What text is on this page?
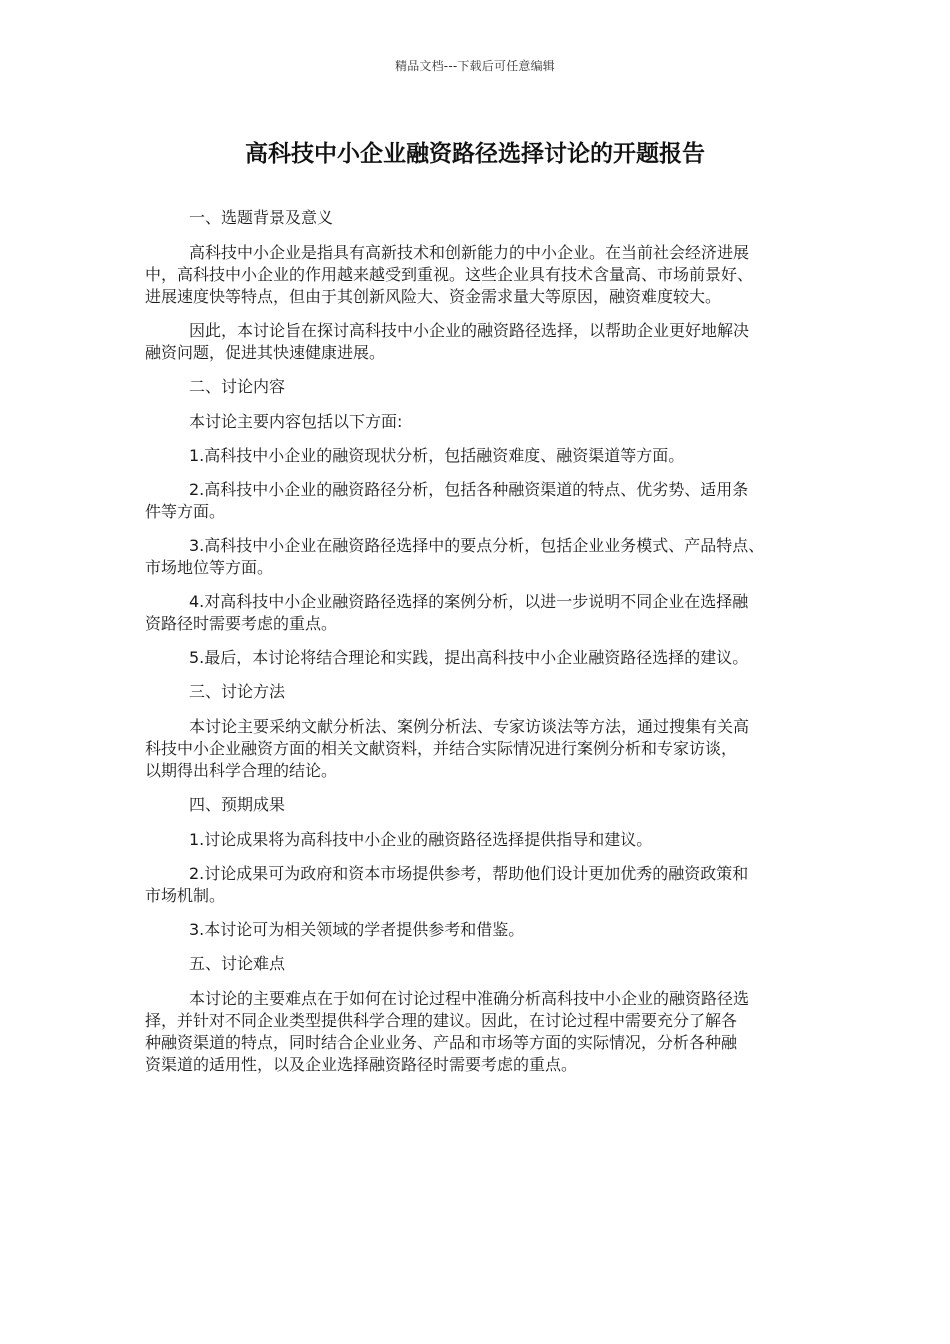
精品文档---下载后可任意编辑
高科技中小企业融资路径选择讨论的开题报告

一、选题背景及意义

高科技中小企业是指具有高新技术和创新能力的中小企业。在当前社会经济进展
中，高科技中小企业的作用越来越受到重视。这些企业具有技术含量高、市场前景好、
进展速度快等特点，但由于其创新风险大、资金需求量大等原因，融资难度较大。

因此，本讨论旨在探讨高科技中小企业的融资路径选择，以帮助企业更好地解决
融资问题，促进其快速健康进展。

二、讨论内容

本讨论主要内容包括以下方面:

1.高科技中小企业的融资现状分析，包括融资难度、融资渠道等方面。

2.高科技中小企业的融资路径分析，包括各种融资渠道的特点、优劣势、适用条
件等方面。

3.高科技中小企业在融资路径选择中的要点分析，包括企业业务模式、产品特点、
市场地位等方面。

4.对高科技中小企业融资路径选择的案例分析，以进一步说明不同企业在选择融
资路径时需要考虑的重点。

5.最后，本讨论将结合理论和实践，提出高科技中小企业融资路径选择的建议。

三、讨论方法

本讨论主要采纳文献分析法、案例分析法、专家访谈法等方法，通过搜集有关高
科技中小企业融资方面的相关文献资料，并结合实际情况进行案例分析和专家访谈，
以期得出科学合理的结论。

四、预期成果

1.讨论成果将为高科技中小企业的融资路径选择提供指导和建议。

2.讨论成果可为政府和资本市场提供参考，帮助他们设计更加优秀的融资政策和
市场机制。

3.本讨论可为相关领域的学者提供参考和借鉴。

五、讨论难点

本讨论的主要难点在于如何在讨论过程中准确分析高科技中小企业的融资路径选
择，并针对不同企业类型提供科学合理的建议。因此，在讨论过程中需要充分了解各
种融资渠道的特点，同时结合企业业务、产品和市场等方面的实际情况，分析各种融
资渠道的适用性，以及企业选择融资路径时需要考虑的重点。
